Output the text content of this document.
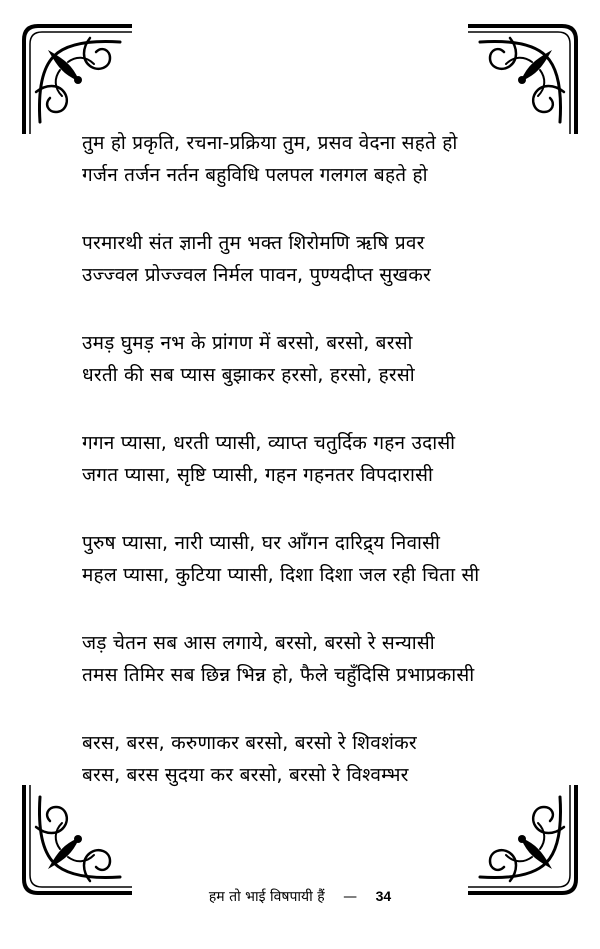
तुम हो प्रकृति, रचना-प्रक्रिया तुम, प्रसव वेदना सहते हो
गर्जन तर्जन नर्तन बहुविधि पलपल गलगल बहते हो
परमारथी संत ज्ञानी तुम भक्त शिरोमणि ऋषि प्रवर
उज्ज्वल प्रोज्ज्वल निर्मल पावन, पुण्यदीप्त सुखकर
उमड़ घुमड़ नभ के प्रांगण में बरसो, बरसो, बरसो
धरती की सब प्यास बुझाकर हरसो, हरसो, हरसो
गगन प्यासा, धरती प्यासी, व्याप्त चतुर्दिक गहन उदासी
जगत प्यासा, सृष्टि प्यासी, गहन गहनतर विपदारासी
पुरुष प्यासा, नारी प्यासी, घर आँगन दारिद्र्य निवासी
महल प्यासा, कुटिया प्यासी, दिशा दिशा जल रही चिता सी
जड़ चेतन सब आस लगाये, बरसो, बरसो रे सन्यासी
तमस तिमिर सब छिन्न भिन्न हो, फैले चहुँदिसि प्रभाप्रकासी
बरस, बरस, करुणाकर बरसो, बरसो रे शिवशंकर
बरस, बरस सुदया कर बरसो, बरसो रे विश्वम्भर
हम तो भाई विषपायी हैं — 34
